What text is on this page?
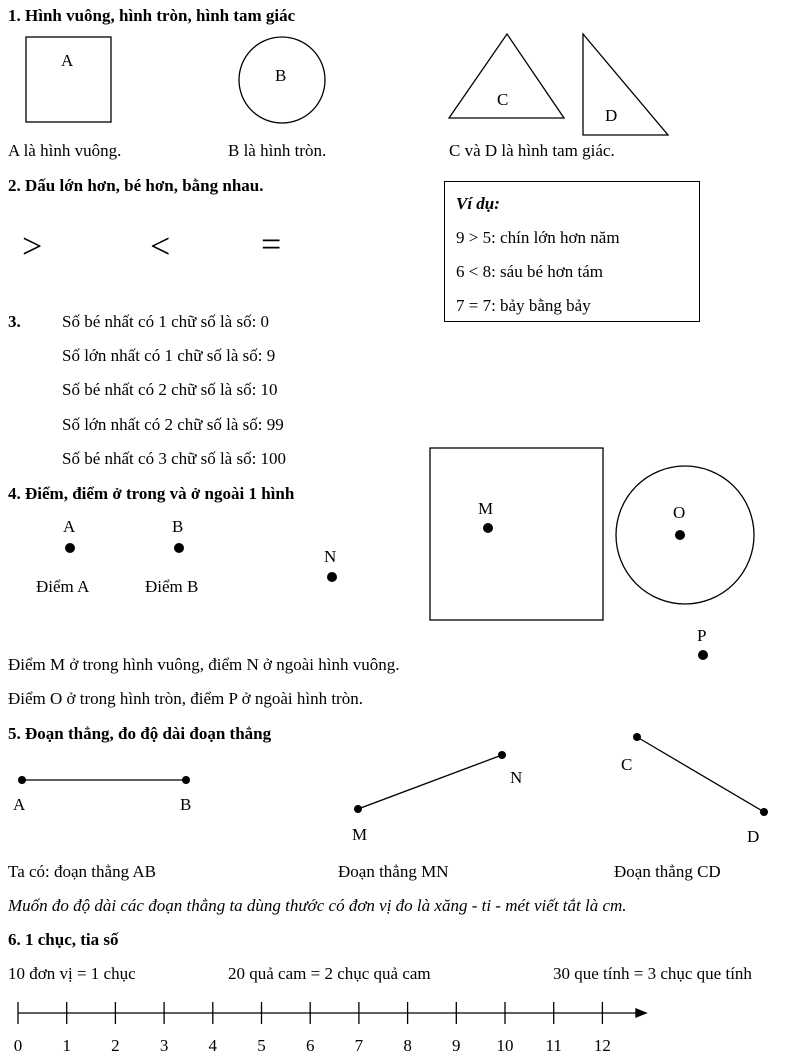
A
B
C
D
A	B
N
M	O
P
A	B
M
N
C
D
0 1 2 3 4 5 6 7 8 9 10 11 12
1. Hình vuông, hình tròn, hình tam giác
A là hình vuông.	B là hình tròn.	C và D là hình tam giác.
2. Dấu lớn hơn, bé hơn, bằng nhau.
>	<	=
Ví dụ:
9 > 5: chín lớn hơn năm
6 < 8: sáu bé hơn tám
7 = 7: bảy bằng bảy
3. Số bé nhất có 1 chữ số là số: 0
Số lớn nhất có 1 chữ số là số: 9
Số bé nhất có 2 chữ số là số: 10
Số lớn nhất có 2 chữ số là số: 99
Số bé nhất có 3 chữ số là số: 100
4. Điểm, điểm ở trong và ở ngoài 1 hình
Điểm A	Điểm B
Điểm M ở trong hình vuông, điểm N ở ngoài hình vuông.
Điểm O ở trong hình tròn, điểm P ở ngoài hình tròn.
5. Đoạn thẳng, đo độ dài đoạn thẳng
Ta có: đoạn thẳng AB	Đoạn thẳng MN	Đoạn thẳng CD
Muốn đo độ dài các đoạn thẳng ta dùng thước có đơn vị đo là xăng - ti - mét viết tắt là cm.
6. 1 chục, tia số
10 đơn vị = 1 chục	20 quả cam = 2 chục quả cam	30 que tính = 3 chục que tính
